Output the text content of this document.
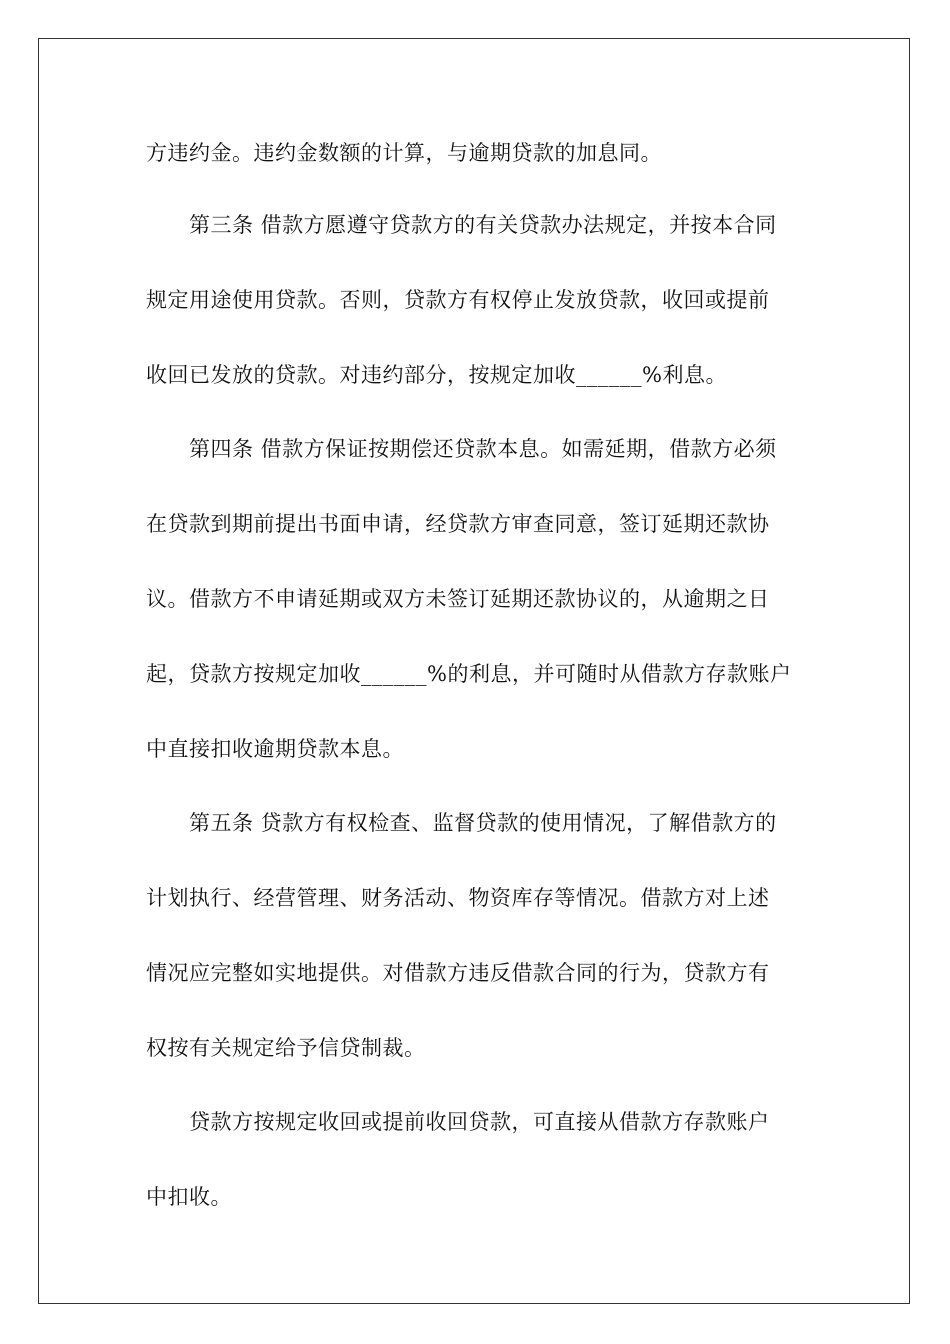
方违约金。违约金数额的计算，与逾期贷款的加息同。
第三条 借款方愿遵守贷款方的有关贷款办法规定，并按本合同
规定用途使用贷款。否则，贷款方有权停止发放贷款，收回或提前
收回已发放的贷款。对违约部分，按规定加收______%利息。
第四条 借款方保证按期偿还贷款本息。如需延期，借款方必须
在贷款到期前提出书面申请，经贷款方审查同意，签订延期还款协
议。借款方不申请延期或双方未签订延期还款协议的，从逾期之日
起，贷款方按规定加收______%的利息，并可随时从借款方存款账户
中直接扣收逾期贷款本息。
第五条 贷款方有权检查、监督贷款的使用情况，了解借款方的
计划执行、经营管理、财务活动、物资库存等情况。借款方对上述
情况应完整如实地提供。对借款方违反借款合同的行为，贷款方有
权按有关规定给予信贷制裁。
贷款方按规定收回或提前收回贷款，可直接从借款方存款账户
中扣收。
